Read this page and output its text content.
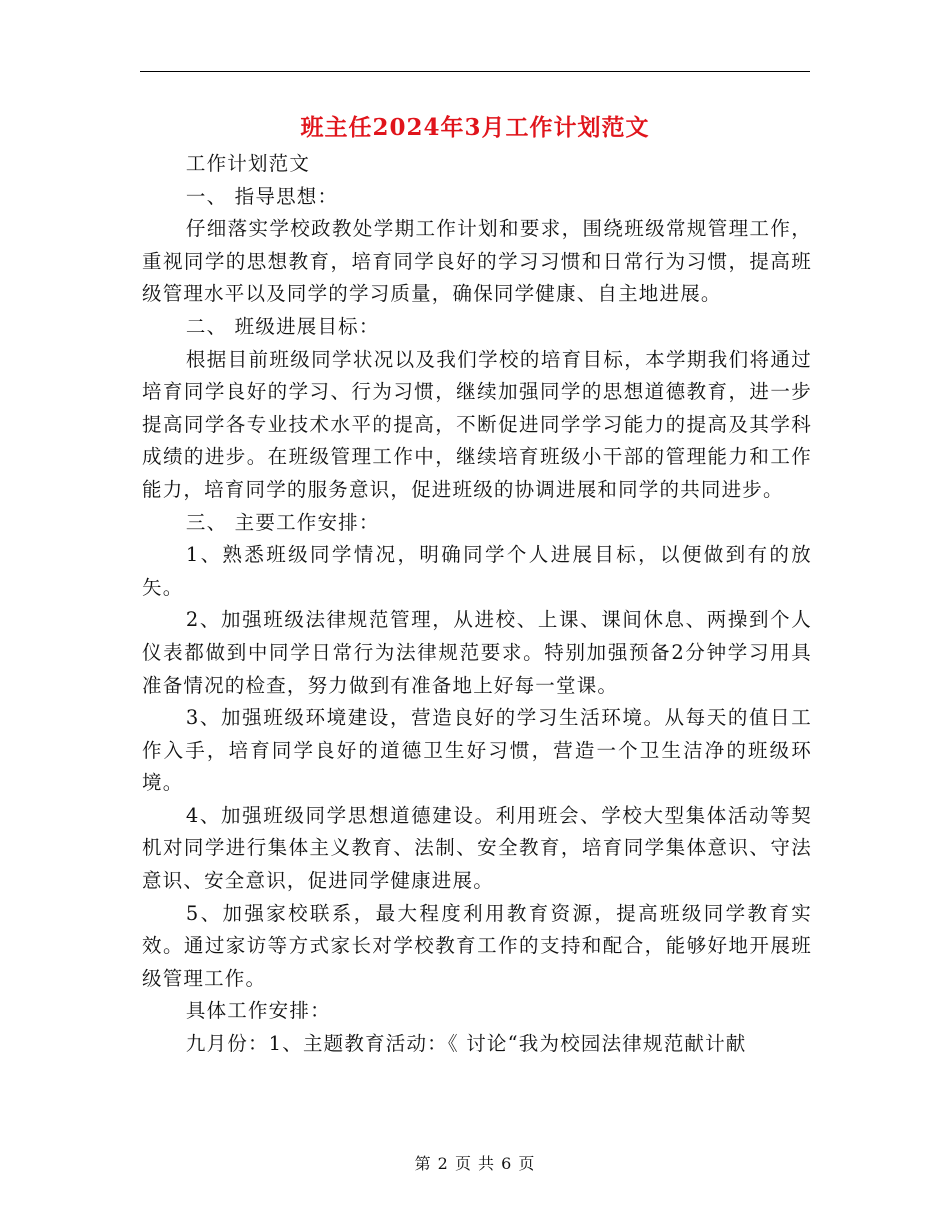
班主任2024年3月工作计划范文

工作计划范文

一、 指导思想：

仔细落实学校政教处学期工作计划和要求，围绕班级常规管理工作，重视同学的思想教育，培育同学良好的学习习惯和日常行为习惯，提高班级管理水平以及同学的学习质量，确保同学健康、自主地进展。

二、 班级进展目标：

根据目前班级同学状况以及我们学校的培育目标，本学期我们将通过培育同学良好的学习、行为习惯，继续加强同学的思想道德教育，进一步提高同学各专业技术水平的提高，不断促进同学学习能力的提高及其学科成绩的进步。在班级管理工作中，继续培育班级小干部的管理能力和工作能力，培育同学的服务意识，促进班级的协调进展和同学的共同进步。

三、 主要工作安排：

1、熟悉班级同学情况，明确同学个人进展目标，以便做到有的放矢。

2、加强班级法律规范管理，从进校、上课、课间休息、两操到个人仪表都做到中同学日常行为法律规范要求。特别加强预备2分钟学习用具准备情况的检查，努力做到有准备地上好每一堂课。

3、加强班级环境建设，营造良好的学习生活环境。从每天的值日工作入手，培育同学良好的道德卫生好习惯，营造一个卫生洁净的班级环境。

4、加强班级同学思想道德建设。利用班会、学校大型集体活动等契机对同学进行集体主义教育、法制、安全教育，培育同学集体意识、守法意识、安全意识，促进同学健康进展。

5、加强家校联系，最大程度利用教育资源，提高班级同学教育实效。通过家访等方式家长对学校教育工作的支持和配合，能够好地开展班级管理工作。

具体工作安排：

九月份：1、主题教育活动：《 讨论“我为校园法律规范献计献

第 2 页 共 6 页
